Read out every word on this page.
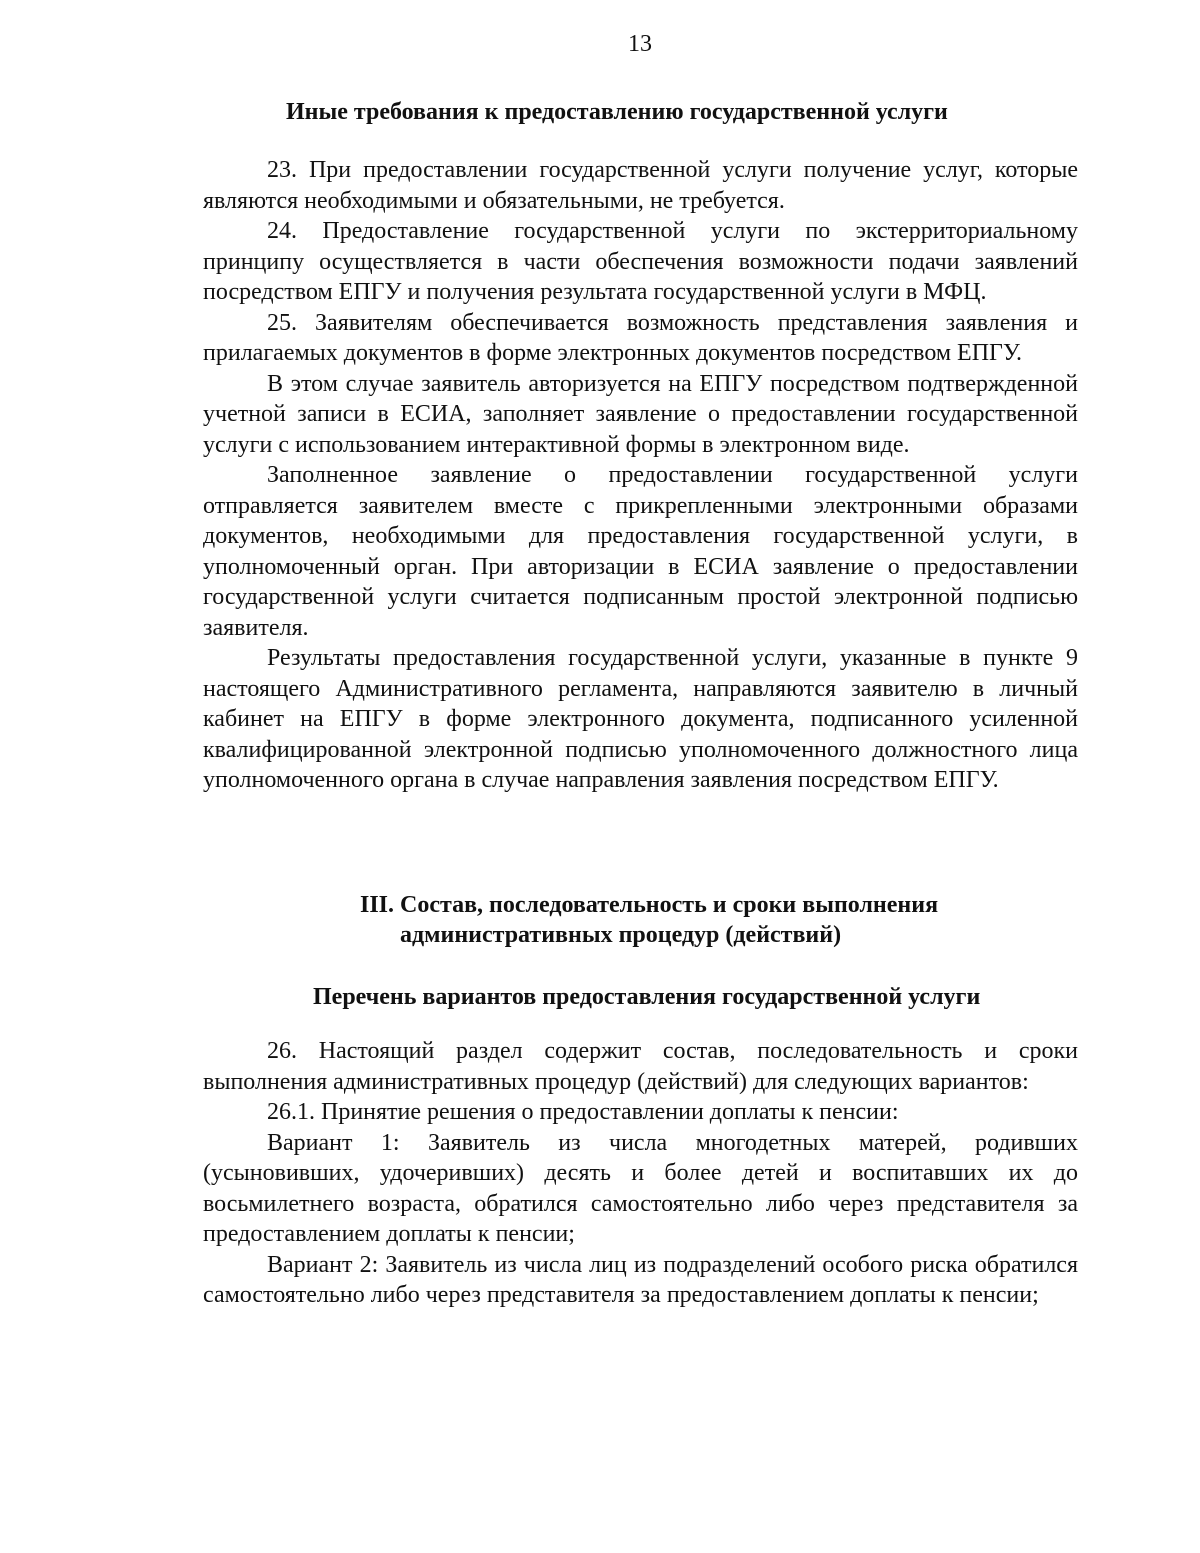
13
Иные требования к предоставлению государственной услуги

23. При предоставлении государственной услуги получение услуг, которые являются необходимыми и обязательными, не требуется.

24. Предоставление государственной услуги по экстерриториальному принципу осуществляется в части обеспечения возможности подачи заявлений посредством ЕПГУ и получения результата государственной услуги в МФЦ.

25. Заявителям обеспечивается возможность представления заявления и прилагаемых документов в форме электронных документов посредством ЕПГУ.

В этом случае заявитель авторизуется на ЕПГУ посредством подтвержденной учетной записи в ЕСИА, заполняет заявление о предоставлении государственной услуги с использованием интерактивной формы в электронном виде.

Заполненное заявление о предоставлении государственной услуги отправляется заявителем вместе с прикрепленными электронными образами документов, необходимыми для предоставления государственной услуги, в уполномоченный орган. При авторизации в ЕСИА заявление о предоставлении государственной услуги считается подписанным простой электронной подписью заявителя.

Результаты предоставления государственной услуги, указанные в пункте 9 настоящего Административного регламента, направляются заявителю в личный кабинет на ЕПГУ в форме электронного документа, подписанного усиленной квалифицированной электронной подписью уполномоченного должностного лица уполномоченного органа в случае направления заявления посредством ЕПГУ.

III. Состав, последовательность и сроки выполнения
административных процедур (действий)
Перечень вариантов предоставления государственной услуги

26. Настоящий раздел содержит состав, последовательность и сроки выполнения административных процедур (действий) для следующих вариантов:

26.1. Принятие решения о предоставлении доплаты к пенсии:

Вариант 1: Заявитель из числа многодетных матерей, родивших (усыновивших, удочеривших) десять и более детей и воспитавших их до восьмилетнего возраста, обратился самостоятельно либо через представителя за предоставлением доплаты к пенсии;

Вариант 2: Заявитель из числа лиц из подразделений особого риска обратился самостоятельно либо через представителя за предоставлением доплаты к пенсии;
